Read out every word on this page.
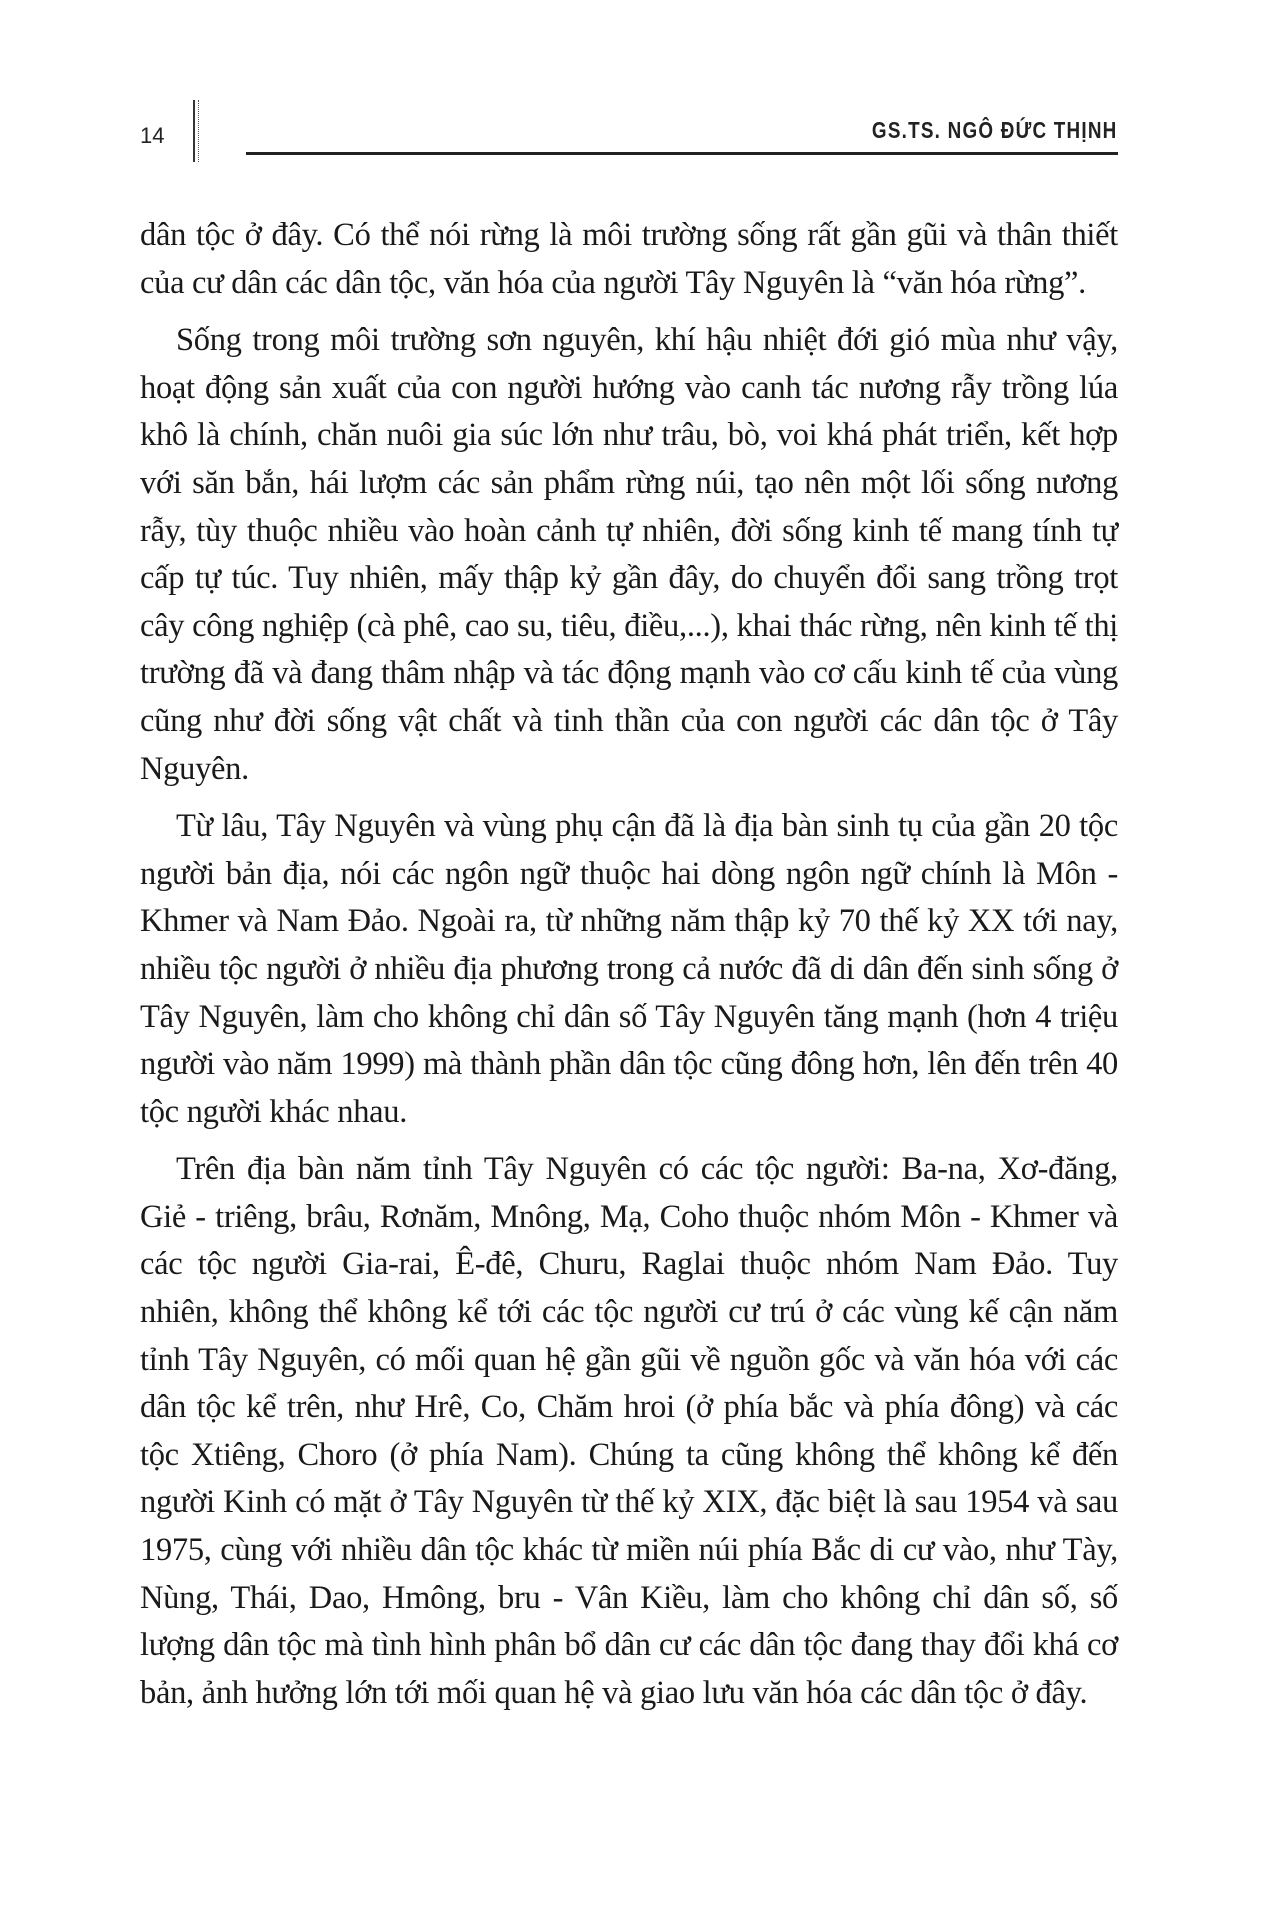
14	GS.TS. NGÔ ĐỨC THỊNH

dân tộc ở đây. Có thể nói rừng là môi trường sống rất gần gũi và thân thiết của cư dân các dân tộc, văn hóa của người Tây Nguyên là “văn hóa rừng”.

Sống trong môi trường sơn nguyên, khí hậu nhiệt đới gió mùa như vậy, hoạt động sản xuất của con người hướng vào canh tác nương rẫy trồng lúa khô là chính, chăn nuôi gia súc lớn như trâu, bò, voi khá phát triển, kết hợp với săn bắn, hái lượm các sản phẩm rừng núi, tạo nên một lối sống nương rẫy, tùy thuộc nhiều vào hoàn cảnh tự nhiên, đời sống kinh tế mang tính tự cấp tự túc. Tuy nhiên, mấy thập kỷ gần đây, do chuyển đổi sang trồng trọt cây công nghiệp (cà phê, cao su, tiêu, điều,...), khai thác rừng, nên kinh tế thị trường đã và đang thâm nhập và tác động mạnh vào cơ cấu kinh tế của vùng cũng như đời sống vật chất và tinh thần của con người các dân tộc ở Tây Nguyên.

Từ lâu, Tây Nguyên và vùng phụ cận đã là địa bàn sinh tụ của gần 20 tộc người bản địa, nói các ngôn ngữ thuộc hai dòng ngôn ngữ chính là Môn - Khmer và Nam Đảo. Ngoài ra, từ những năm thập kỷ 70 thế kỷ XX tới nay, nhiều tộc người ở nhiều địa phương trong cả nước đã di dân đến sinh sống ở Tây Nguyên, làm cho không chỉ dân số Tây Nguyên tăng mạnh (hơn 4 triệu người vào năm 1999) mà thành phần dân tộc cũng đông hơn, lên đến trên 40 tộc người khác nhau.

Trên địa bàn năm tỉnh Tây Nguyên có các tộc người: Ba-na, Xơ-đăng, Giẻ - triêng, brâu, Rơnăm, Mnông, Mạ, Coho thuộc nhóm Môn - Khmer và các tộc người Gia-rai, Ê-đê, Churu, Raglai thuộc nhóm Nam Đảo. Tuy nhiên, không thể không kể tới các tộc người cư trú ở các vùng kế cận năm tỉnh Tây Nguyên, có mối quan hệ gần gũi về nguồn gốc và văn hóa với các dân tộc kể trên, như Hrê, Co, Chăm hroi (ở phía bắc và phía đông) và các tộc Xtiêng, Choro (ở phía Nam). Chúng ta cũng không thể không kể đến người Kinh có mặt ở Tây Nguyên từ thế kỷ XIX, đặc biệt là sau 1954 và sau 1975, cùng với nhiều dân tộc khác từ miền núi phía Bắc di cư vào, như Tày, Nùng, Thái, Dao, Hmông, bru - Vân Kiều, làm cho không chỉ dân số, số lượng dân tộc mà tình hình phân bổ dân cư các dân tộc đang thay đổi khá cơ bản, ảnh hưởng lớn tới mối quan hệ và giao lưu văn hóa các dân tộc ở đây.
